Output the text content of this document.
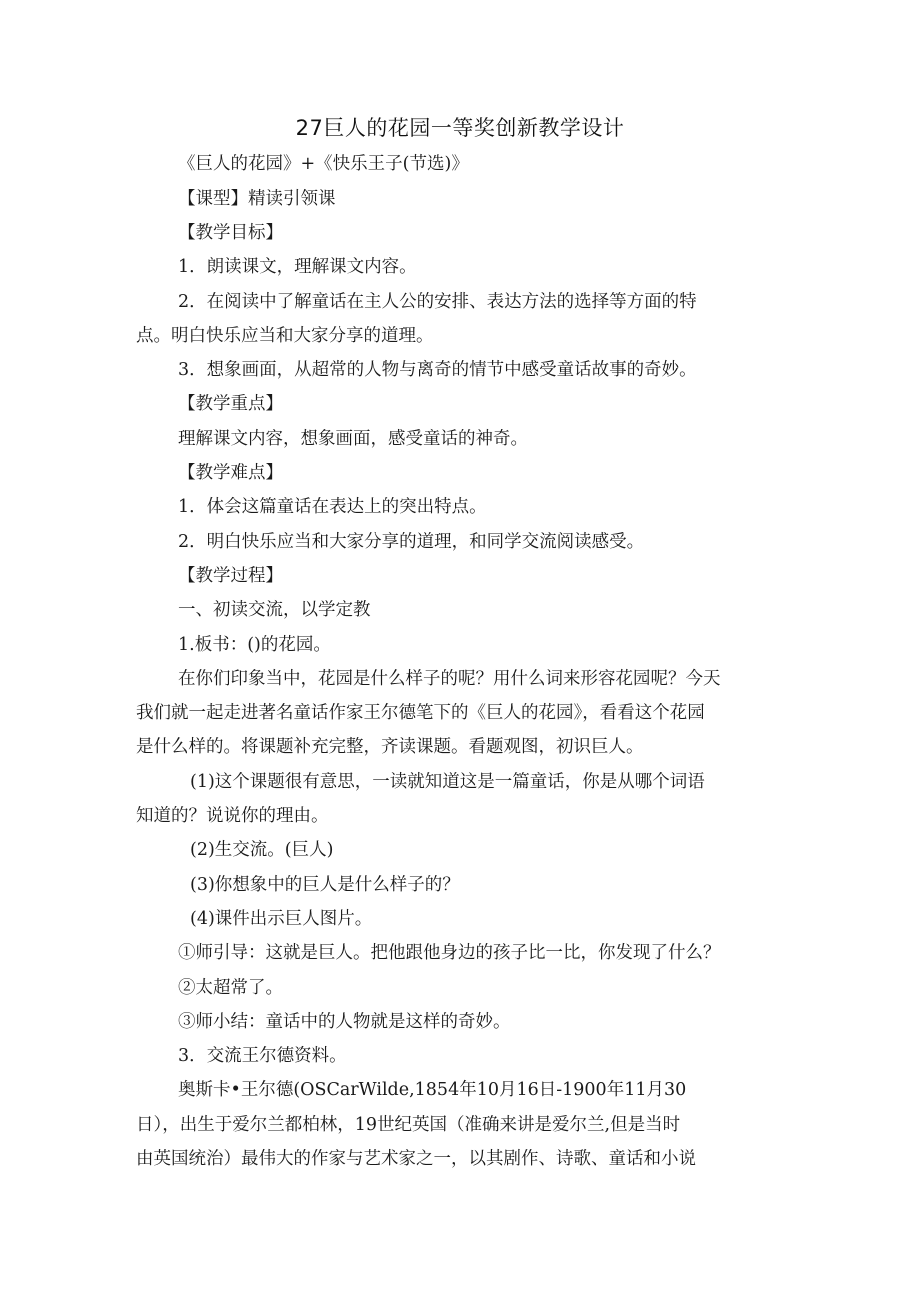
27巨人的花园一等奖创新教学设计
《巨人的花园》+《快乐王子(节选)》
【课型】精读引领课
【教学目标】
1．朗读课文，理解课文内容。
2．在阅读中了解童话在主人公的安排、表达方法的选择等方面的特
点。明白快乐应当和大家分享的道理。
3．想象画面，从超常的人物与离奇的情节中感受童话故事的奇妙。
【教学重点】
理解课文内容，想象画面，感受童话的神奇。
【教学难点】
1．体会这篇童话在表达上的突出特点。
2．明白快乐应当和大家分享的道理，和同学交流阅读感受。
【教学过程】
一、初读交流，以学定教
1.板书：()的花园。
在你们印象当中，花园是什么样子的呢？用什么词来形容花园呢？今天
我们就一起走进著名童话作家王尔德笔下的《巨人的花园》，看看这个花园
是什么样的。将课题补充完整，齐读课题。看题观图，初识巨人。
(1)这个课题很有意思，一读就知道这是一篇童话，你是从哪个词语
知道的？说说你的理由。
(2)生交流。(巨人)
(3)你想象中的巨人是什么样子的？
(4)课件出示巨人图片。
①师引导：这就是巨人。把他跟他身边的孩子比一比，你发现了什么？
②太超常了。
③师小结：童话中的人物就是这样的奇妙。
3．交流王尔德资料。
奥斯卡•王尔德(OSCarWilde,1854年10月16日-1900年11月30
日），出生于爱尔兰都柏林，19世纪英国（准确来讲是爱尔兰,但是当时
由英国统治）最伟大的作家与艺术家之一，以其剧作、诗歌、童话和小说
